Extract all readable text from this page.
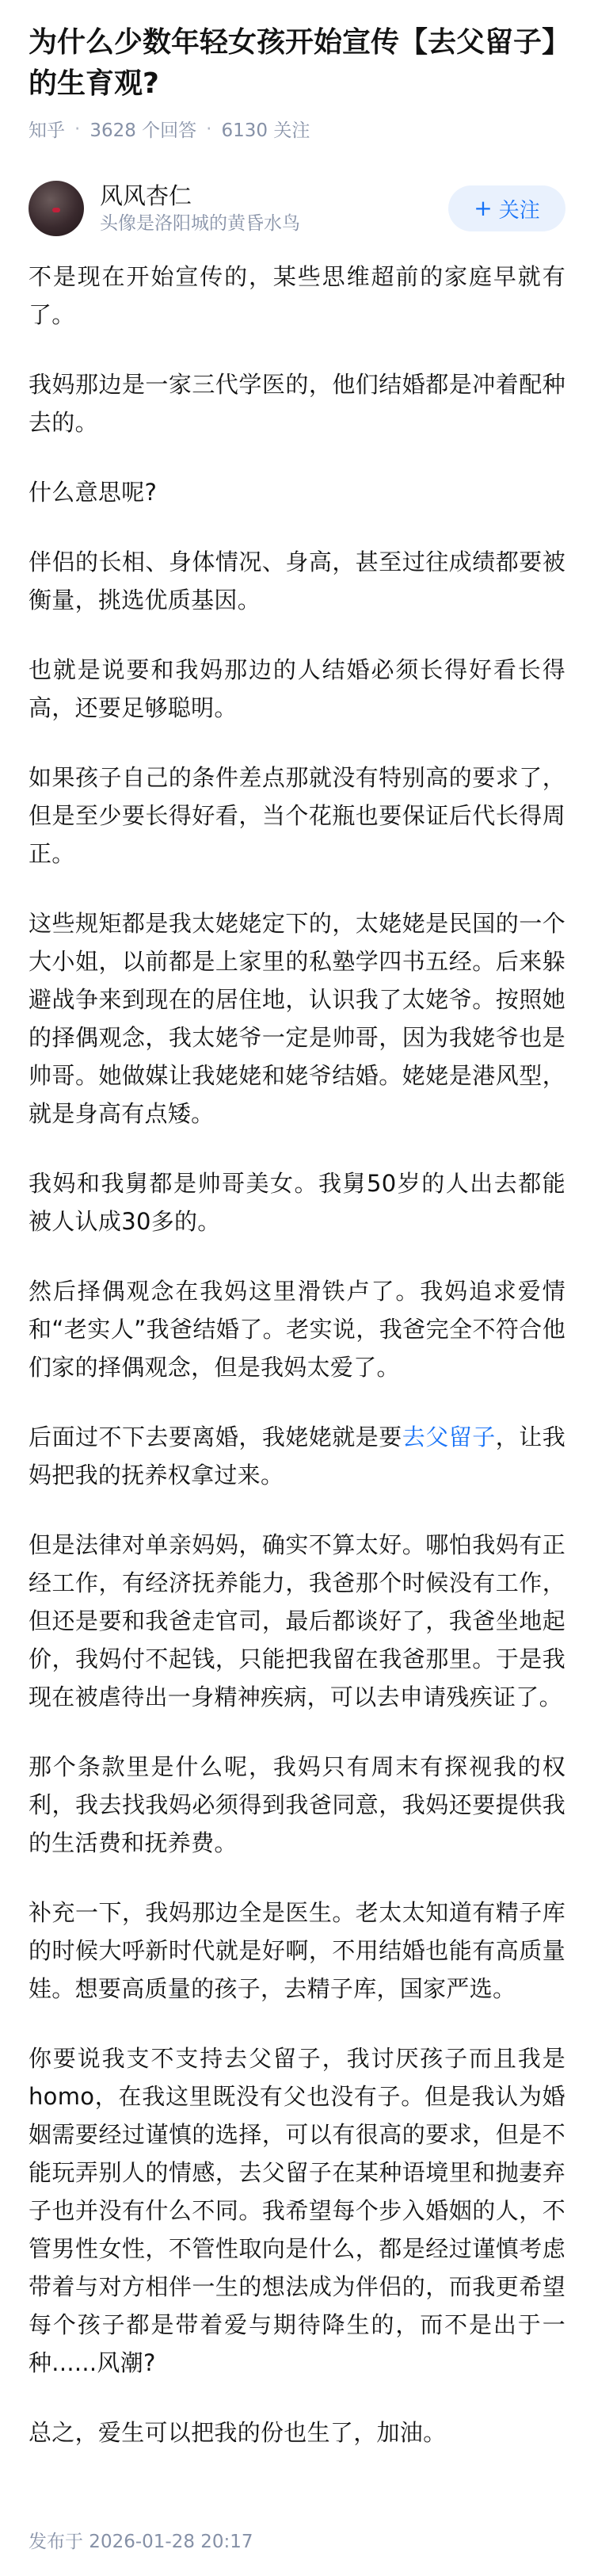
为什么少数年轻女孩开始宣传【去父留子】的生育观?
知乎 · 3628 个回答 · 6130 关注
风风杏仁
头像是洛阳城的黄昏水鸟
+ 关注

不是现在开始宣传的，某些思维超前的家庭早就有了。

我妈那边是一家三代学医的，他们结婚都是冲着配种去的。

什么意思呢?

伴侣的长相、身体情况、身高，甚至过往成绩都要被衡量，挑选优质基因。

也就是说要和我妈那边的人结婚必须长得好看长得高，还要足够聪明。

如果孩子自己的条件差点那就没有特别高的要求了，但是至少要长得好看，当个花瓶也要保证后代长得周正。

这些规矩都是我太姥姥定下的，太姥姥是民国的一个大小姐，以前都是上家里的私塾学四书五经。后来躲避战争来到现在的居住地，认识我了太姥爷。按照她的择偶观念，我太姥爷一定是帅哥，因为我姥爷也是帅哥。她做媒让我姥姥和姥爷结婚。姥姥是港风型，就是身高有点矮。

我妈和我舅都是帅哥美女。我舅50岁的人出去都能被人认成30多的。

然后择偶观念在我妈这里滑铁卢了。我妈追求爱情和“老实人”我爸结婚了。老实说，我爸完全不符合他们家的择偶观念，但是我妈太爱了。

后面过不下去要离婚，我姥姥就是要去父留子，让我妈把我的抚养权拿过来。

但是法律对单亲妈妈，确实不算太好。哪怕我妈有正经工作，有经济抚养能力，我爸那个时候没有工作，但还是要和我爸走官司，最后都谈好了，我爸坐地起价，我妈付不起钱，只能把我留在我爸那里。于是我现在被虐待出一身精神疾病，可以去申请残疾证了。

那个条款里是什么呢，我妈只有周末有探视我的权利，我去找我妈必须得到我爸同意，我妈还要提供我的生活费和抚养费。

补充一下，我妈那边全是医生。老太太知道有精子库的时候大呼新时代就是好啊，不用结婚也能有高质量娃。想要高质量的孩子，去精子库，国家严选。

你要说我支不支持去父留子，我讨厌孩子而且我是homo，在我这里既没有父也没有子。但是我认为婚姻需要经过谨慎的选择，可以有很高的要求，但是不能玩弄别人的情感，去父留子在某种语境里和抛妻弃子也并没有什么不同。我希望每个步入婚姻的人，不管男性女性，不管性取向是什么，都是经过谨慎考虑带着与对方相伴一生的想法成为伴侣的，而我更希望每个孩子都是带着爱与期待降生的，而不是出于一种......风潮?

总之，爱生可以把我的份也生了，加油。

发布于 2026-01-28 20:17
